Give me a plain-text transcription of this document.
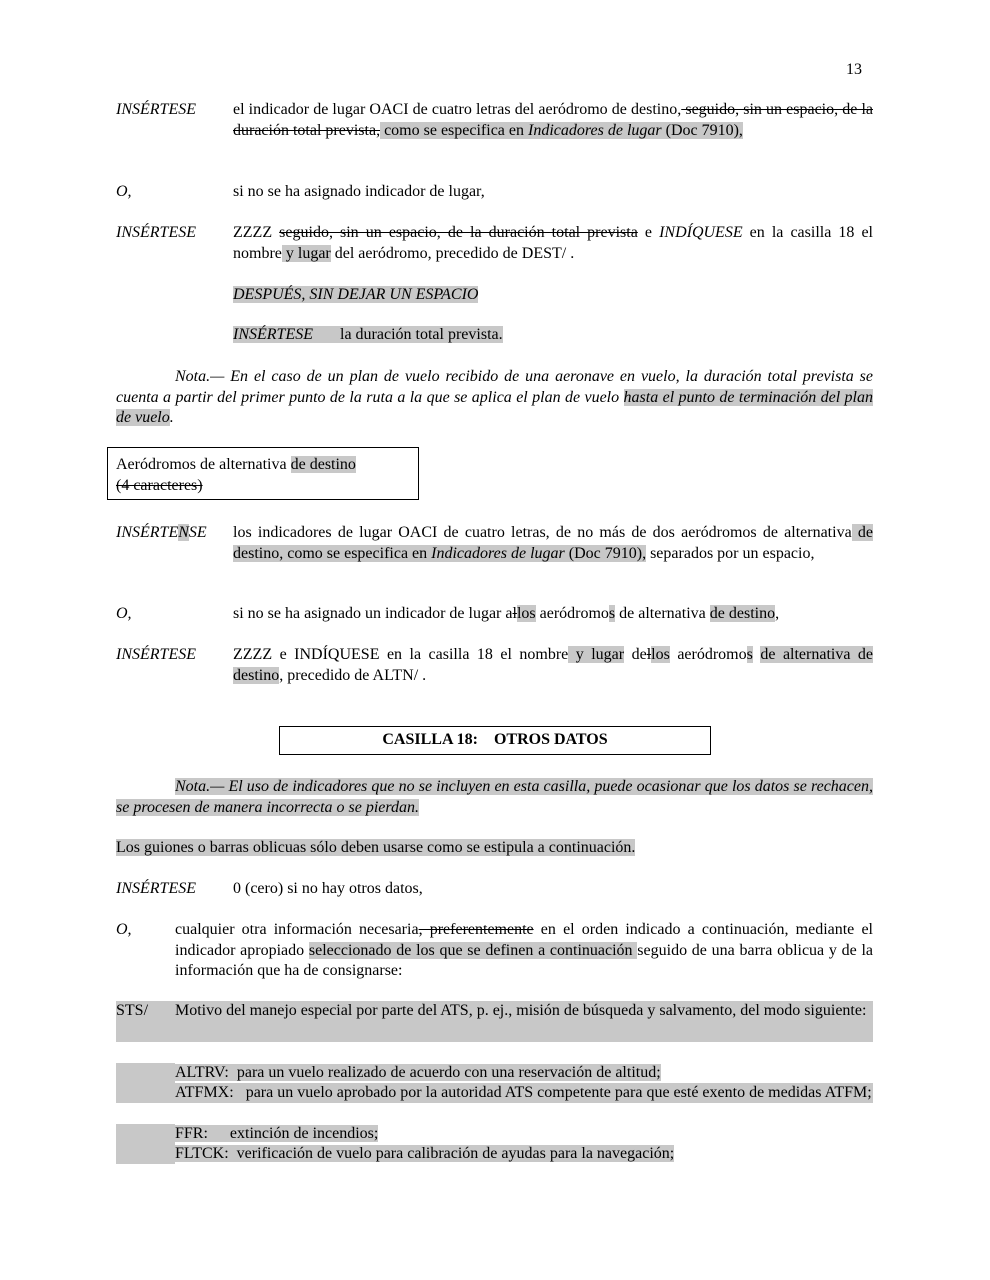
13
INSÉRTESE el indicador de lugar OACI de cuatro letras del aeródromo de destino, seguido, sin un espacio, de la duración total prevista, como se especifica en Indicadores de lugar (Doc 7910),
O,	si no se ha asignado indicador de lugar,
INSÉRTESE ZZZZ seguido, sin un espacio, de la duración total prevista e INDÍQUESE en la casilla 18 el nombre y lugar del aeródromo, precedido de DEST/ .
DESPUÉS, SIN DEJAR UN ESPACIO
INSÉRTESE la duración total prevista.
Nota.— En el caso de un plan de vuelo recibido de una aeronave en vuelo, la duración total prevista se cuenta a partir del primer punto de la ruta a la que se aplica el plan de vuelo hasta el punto de terminación del plan de vuelo.
Aeródromos de alternativa de destino
(4 caracteres)
INSÉRTENSE los indicadores de lugar OACI de cuatro letras, de no más de dos aeródromos de alternativa de destino, como se especifica en Indicadores de lugar (Doc 7910), separados por un espacio,
O,	si no se ha asignado un indicador de lugar allos aeródromos de alternativa de destino,
INSÉRTESE ZZZZ e INDÍQUESE en la casilla 18 el nombre y lugar dellos aeródromos de alternativa de destino, precedido de ALTN/ .
CASILLA 18:    OTROS DATOS
Nota.— El uso de indicadores que no se incluyen en esta casilla, puede ocasionar que los datos se rechacen, se procesen de manera incorrecta o se pierdan.
Los guiones o barras oblicuas sólo deben usarse como se estipula a continuación.
INSÉRTESE 0 (cero) si no hay otros datos,
O,	cualquier otra información necesaria, preferentemente en el orden indicado a continuación, mediante el indicador apropiado seleccionado de los que se definen a continuación seguido de una barra oblicua y de la información que ha de consignarse:
STS/ Motivo del manejo especial por parte del ATS, p. ej., misión de búsqueda y salvamento, del modo siguiente:
ALTRV: para un vuelo realizado de acuerdo con una reservación de altitud;
ATFMX: para un vuelo aprobado por la autoridad ATS competente para que esté exento de medidas ATFM;
FFR: extinción de incendios;
FLTCK: verificación de vuelo para calibración de ayudas para la navegación;
